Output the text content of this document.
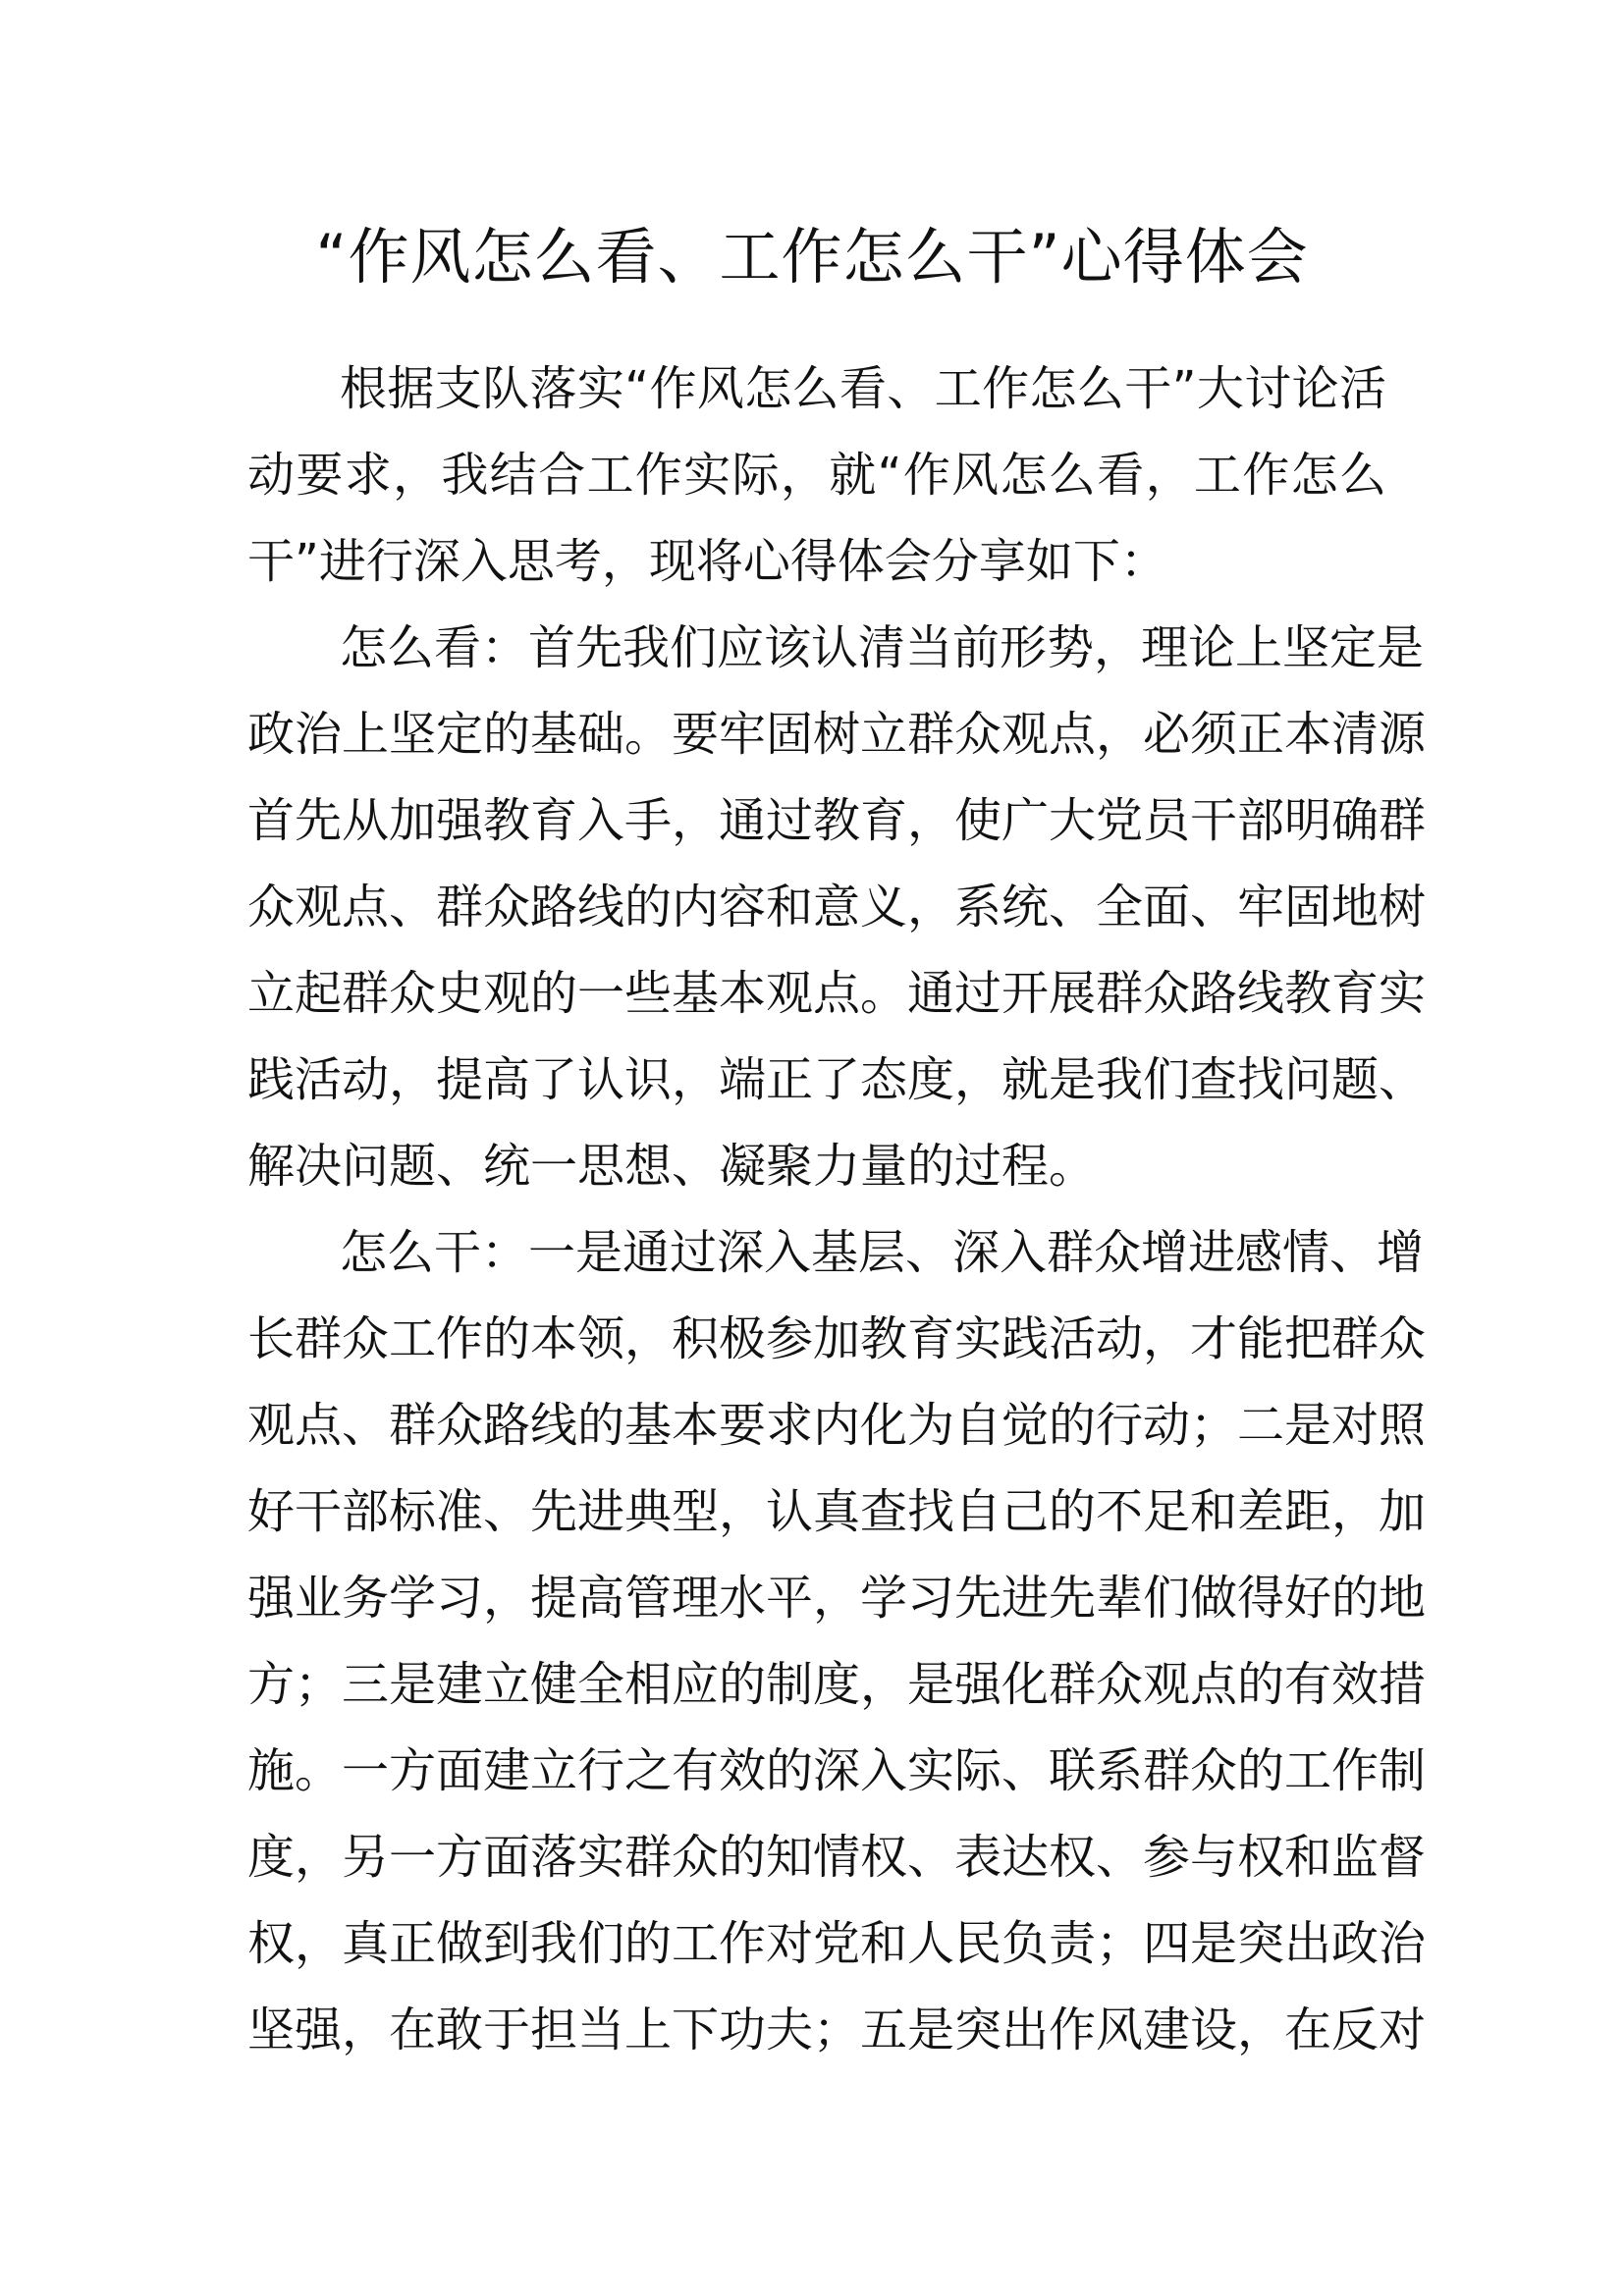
“作风怎么看、工作怎么干”心得体会
根据支队落实“作风怎么看、工作怎么干”大讨论活
动要求，我结合工作实际，就“作风怎么看，工作怎么
干”进行深入思考，现将心得体会分享如下：
怎么看：首先我们应该认清当前形势，理论上坚定是
政治上坚定的基础。要牢固树立群众观点，必须正本清源
首先从加强教育入手，通过教育，使广大党员干部明确群
众观点、群众路线的内容和意义，系统、全面、牢固地树
立起群众史观的一些基本观点。通过开展群众路线教育实
践活动，提高了认识，端正了态度，就是我们查找问题、
解决问题、统一思想、凝聚力量的过程。
怎么干：一是通过深入基层、深入群众增进感情、增
长群众工作的本领，积极参加教育实践活动，才能把群众
观点、群众路线的基本要求内化为自觉的行动；二是对照
好干部标准、先进典型，认真查找自己的不足和差距，加
强业务学习，提高管理水平，学习先进先辈们做得好的地
方；三是建立健全相应的制度，是强化群众观点的有效措
施。一方面建立行之有效的深入实际、联系群众的工作制
度，另一方面落实群众的知情权、表达权、参与权和监督
权，真正做到我们的工作对党和人民负责；四是突出政治
坚强，在敢于担当上下功夫；五是突出作风建设，在反对
